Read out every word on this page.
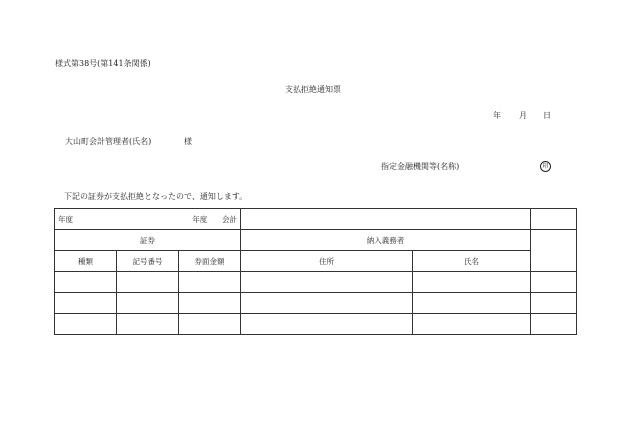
様式第38号(第141条関係)
支払拒絶通知票
年 月 日
大山町会計管理者(氏名)	様
指定金融機関等(名称)	印
下記の証券が支払拒絶となったので、通知します。
年度 年度 会計					

証券			納入義務者		
種類	記号番号	券面金額	住所	氏名	
